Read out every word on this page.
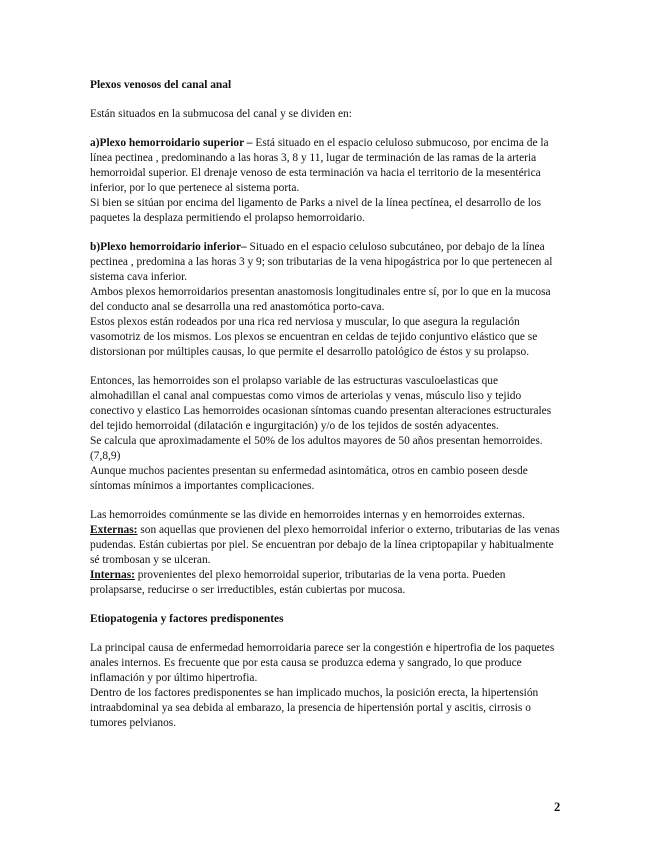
Plexos venosos del canal anal

Están situados en la submucosa del canal y se dividen en:

a)Plexo hemorroidario superior – Está situado en el espacio celuloso submucoso, por encima de la línea pectinea , predominando a las horas 3, 8 y 11, lugar de terminación de las ramas de la arteria hemorroidal superior. El drenaje venoso de esta terminación va hacia el territorio de la mesentérica inferior, por lo que pertenece al sistema porta.

Si bien se sitúan por encima del ligamento de Parks a nivel de la línea pectínea, el desarrollo de los paquetes la desplaza permitiendo el prolapso hemorroidario.

b)Plexo hemorroidario inferior– Situado en el espacio celuloso subcutáneo, por debajo de la línea pectinea , predomina a las horas 3 y 9; son tributarias de la vena hipogástrica por lo que pertenecen al sistema cava inferior.

Ambos plexos hemorroidarios presentan anastomosis longitudinales entre sí, por lo que en la mucosa del conducto anal se desarrolla una red anastomótica porto-cava.

Estos plexos están rodeados por una rica red nerviosa y muscular, lo que asegura la regulación vasomotriz de los mismos. Los plexos se encuentran en celdas de tejido conjuntivo elástico que se distorsionan por múltiples causas, lo que permite el desarrollo patológico de éstos y su prolapso.

Entonces, las hemorroides son el prolapso variable de las estructuras vasculoelasticas que almohadillan el canal anal compuestas como vimos de arteriolas y venas, músculo liso y tejido conectivo y elastico Las hemorroides ocasionan síntomas cuando presentan alteraciones estructurales del tejido hemorroidal (dilatación e ingurgitación) y/o de los tejidos de sostén adyacentes.

Se calcula que aproximadamente el 50% de los adultos mayores de 50 años presentan hemorroides. (7,8,9)

Aunque muchos pacientes presentan su enfermedad asintomática, otros en cambio poseen desde síntomas mínimos a importantes complicaciones.

Las hemorroides comúnmente se las divide en hemorroides internas y en hemorroides externas.

Externas: son aquellas que provienen del plexo hemorroidal inferior o externo, tributarias de las venas pudendas. Están cubiertas por piel. Se encuentran por debajo de la línea criptopapilar y habitualmente sé trombosan y se ulceran.

Internas: provenientes del plexo hemorroidal superior, tributarias de la vena porta. Pueden prolapsarse, reducirse o ser irreductibles, están cubiertas por mucosa.

Etiopatogenia y factores predisponentes

La principal causa de enfermedad hemorroidaria parece ser la congestión e hipertrofia de los paquetes anales internos. Es frecuente que por esta causa se produzca edema y sangrado, lo que produce inflamación y por último hipertrofia.

Dentro de los factores predisponentes se han implicado muchos, la posición erecta, la hipertensión intraabdominal ya sea debida al embarazo, la presencia de hipertensión portal y ascitis, cirrosis o tumores pelvianos.

2
